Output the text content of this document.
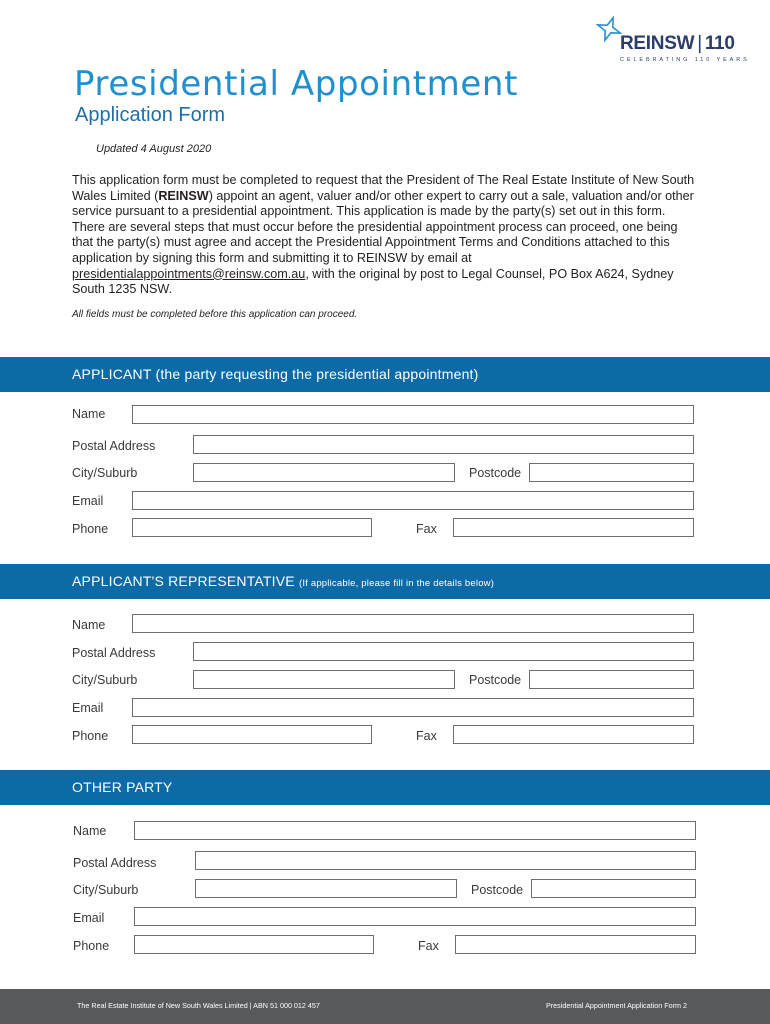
REINSW | 110
CELEBRATING 110 YEARS
Presidential Appointment
Application Form
Updated 4 August 2020

This application form must be completed to request that the President of The Real Estate Institute of New South Wales Limited (REINSW) appoint an agent, valuer and/or other expert to carry out a sale, valuation and/or other service pursuant to a presidential appointment. This application is made by the party(s) set out in this form. There are several steps that must occur before the presidential appointment process can proceed, one being that the party(s) must agree and accept the Presidential Appointment Terms and Conditions attached to this application by signing this form and submitting it to REINSW by email at presidentialappointments@reinsw.com.au, with the original by post to Legal Counsel, PO Box A624, Sydney South 1235 NSW.

All fields must be completed before this application can proceed.
APPLICANT (the party requesting the presidential appointment)
Name
Postal Address
City/Suburb	Postcode
Email
Phone	Fax
APPLICANT'S REPRESENTATIVE (If applicable, please fill in the details below)
Name
Postal Address
City/Suburb	Postcode
Email
Phone	Fax
OTHER PARTY
Name
Postal Address
City/Suburb	Postcode
Email
Phone	Fax
The Real Estate Institute of New South Wales Limited | ABN 51 000 012 457	Presidential Appointment Application Form 2
